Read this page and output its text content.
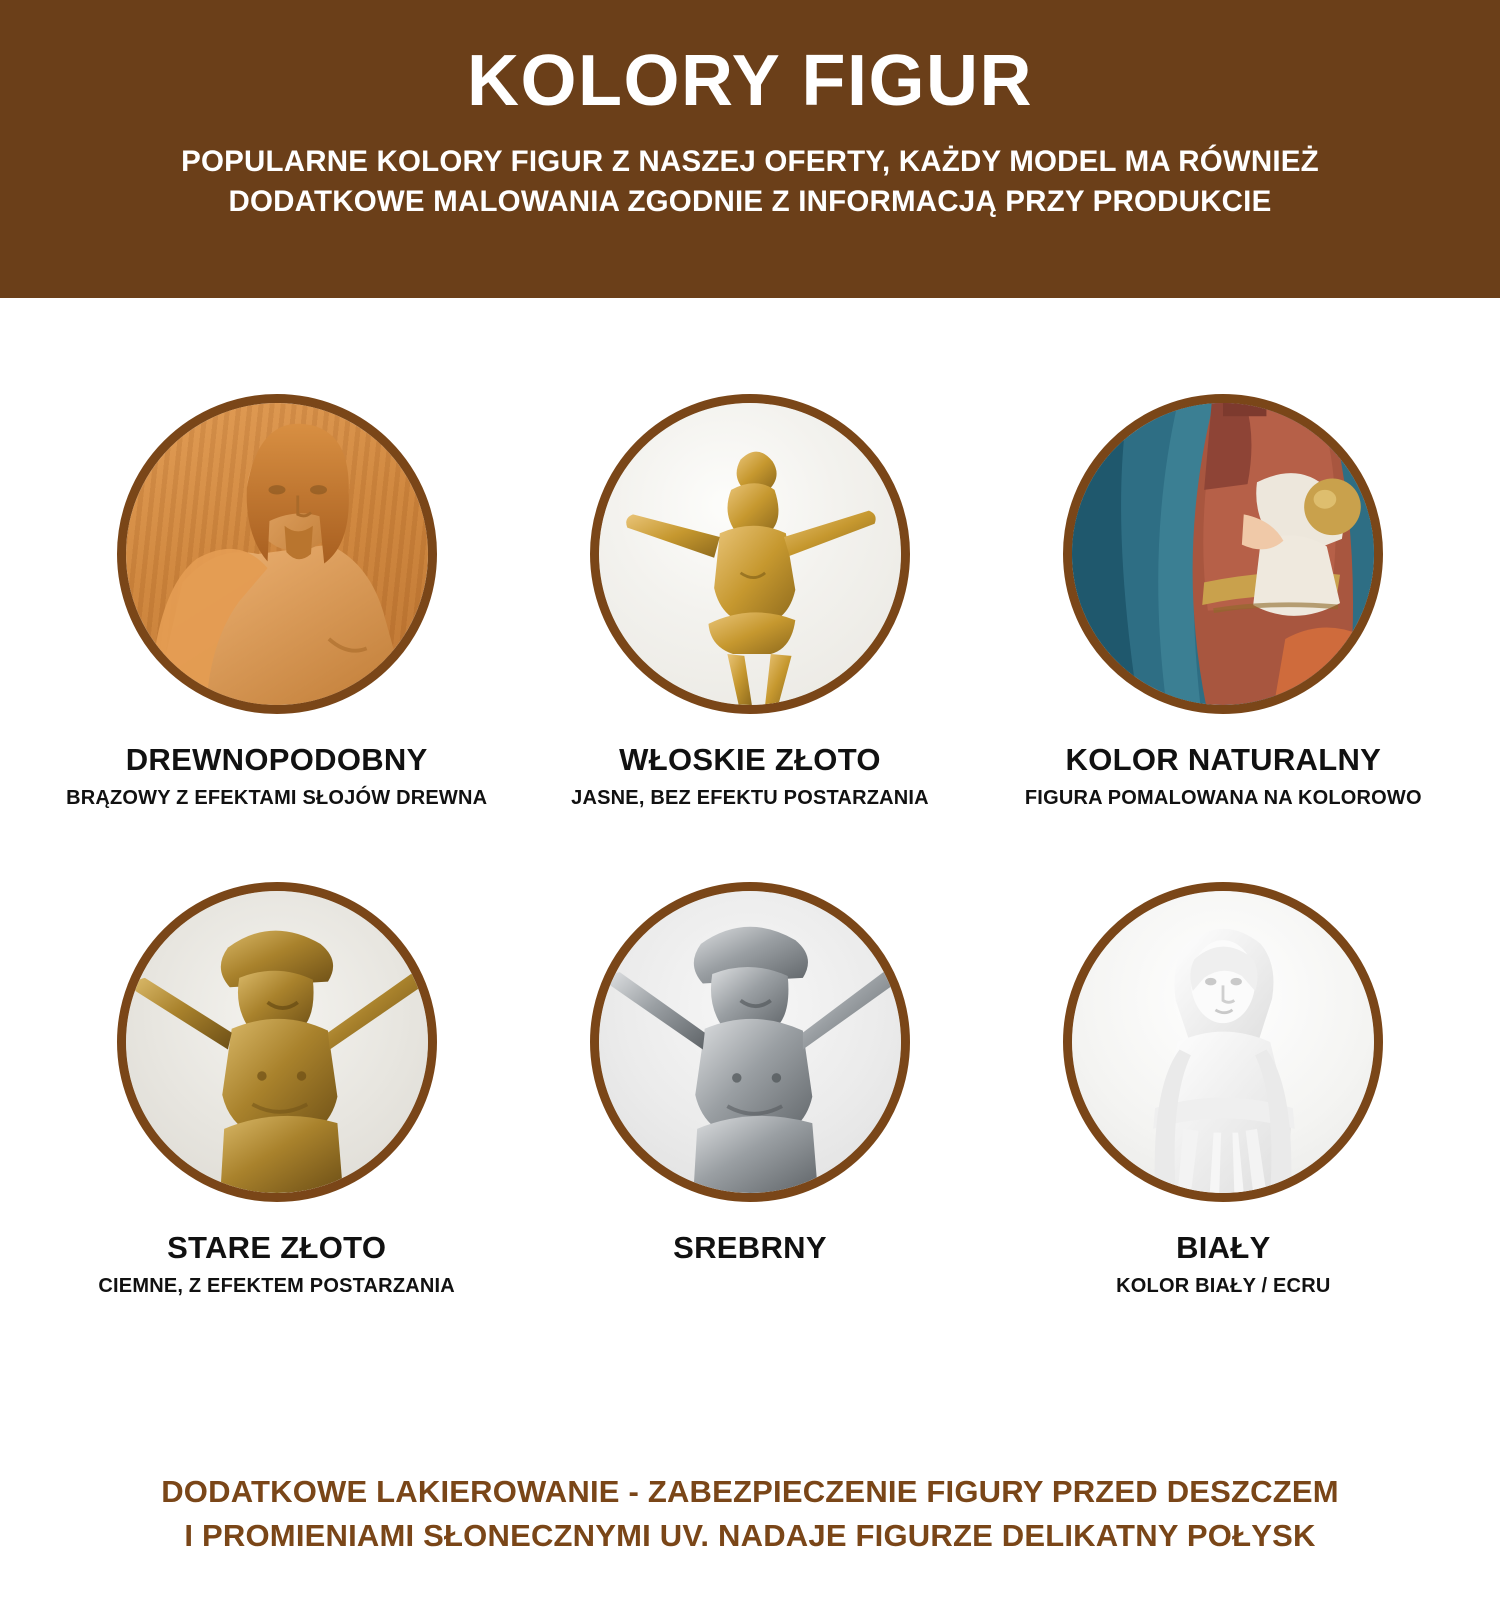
KOLORY FIGUR
POPULARNE KOLORY FIGUR Z NASZEJ OFERTY, KAŻDY MODEL MA RÓWNIEŻ
DODATKOWE MALOWANIA ZGODNIE Z INFORMACJĄ PRZY PRODUKCIE
DREWNOPODOBNY
BRĄZOWY Z EFEKTAMI SŁOJÓW DREWNA
WŁOSKIE ZŁOTO
JASNE, BEZ EFEKTU POSTARZANIA
KOLOR NATURALNY
FIGURA POMALOWANA NA KOLOROWO
STARE ZŁOTO
CIEMNE, Z EFEKTEM POSTARZANIA
SREBRNY	BIAŁY
KOLOR BIAŁY / ECRU
DODATKOWE LAKIEROWANIE - ZABEZPIECZENIE FIGURY PRZED DESZCZEM
I PROMIENIAMI SŁONECZNYMI UV. NADAJE FIGURZE DELIKATNY POŁYSK
